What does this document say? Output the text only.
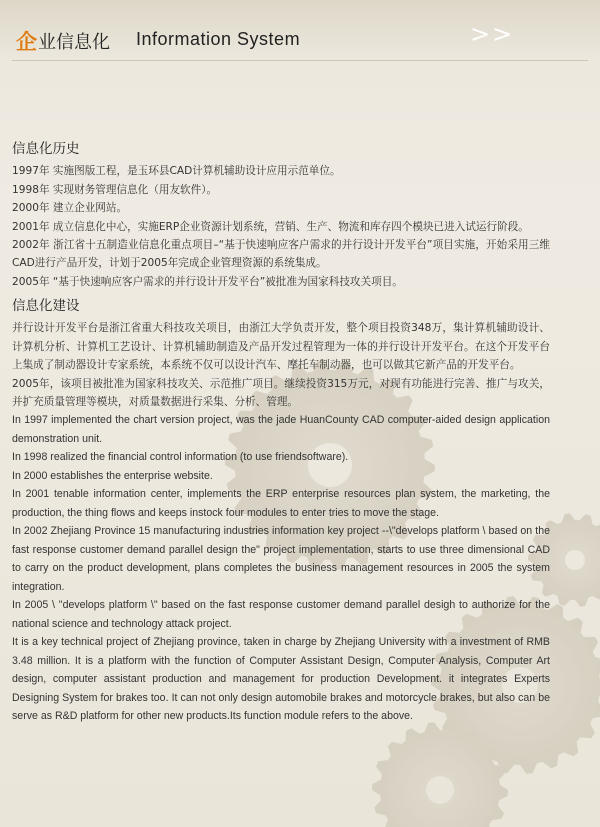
企 业信息化 Information System	>>
信息化历史
1997年 实施图版工程，是玉环县CAD计算机辅助设计应用示范单位。
1998年 实现财务管理信息化（用友软件）。
2000年 建立企业网站。
2001年 成立信息化中心，实施ERP企业资源计划系统，营销、生产、物流和库存四个模块已进入试运行阶段。
2002年 浙江省十五制造业信息化重点项目–“基于快速响应客户需求的并行设计开发平台”项目实施，开始采用三维CAD进行产品开发，计划于2005年完成企业管理资源的系统集成。
2005年 “基于快速响应客户需求的并行设计开发平台”被批准为国家科技攻关项目。
信息化建设
并行设计开发平台是浙江省重大科技攻关项目，由浙江大学负责开发，整个项目投资348万，集计算机辅助设计、计算机分析、计算机工艺设计、计算机辅助制造及产品开发过程管理为一体的并行设计开发平台。在这个开发平台上集成了制动器设计专家系统，本系统不仅可以设计汽车、摩托车制动器，也可以做其它新产品的开发平台。
2005年，该项目被批准为国家科技攻关、示范推广项目。继续投资315万元，对现有功能进行完善、推广与攻关，并扩充质量管理等模块，对质量数据进行采集、分析、管理。
In 1997 implemented the chart version project, was the jade HuanCounty CAD computer-aided design application demonstration unit.
In 1998 realized the financial control information (to use friendsoftware).
In 2000 establishes the enterprise website.
In 2001 tenable information center, implements the ERP enterprise resources plan system, the marketing, the production, the thing flows and keeps instock four modules to enter tries to move the stage.
In 2002 Zhejiang Province 15 manufacturing industries information key project --\"develops platform \ based on the fast response customer demand parallel design the" project implementation, starts to use three dimensional CAD to carry on the product development, plans completes the business management resources in 2005 the system integration.
In 2005 \ "develops platform \" based on the fast response customer demand parallel desigh to authorize for the national science and technology attack project.
It is a key technical project of Zhejiang province, taken in charge by Zhejiang University with a investment of RMB 3.48 million. It is a platform with the function of Computer Assistant Design, Computer Analysis, Computer Art design, computer assistant production and management for production Development. it integrates Experts Designing System for brakes too. It can not only design automobile brakes and motorcycle brakes, but also can be serve as R&D platform for other new products.Its function module refers to the above.
